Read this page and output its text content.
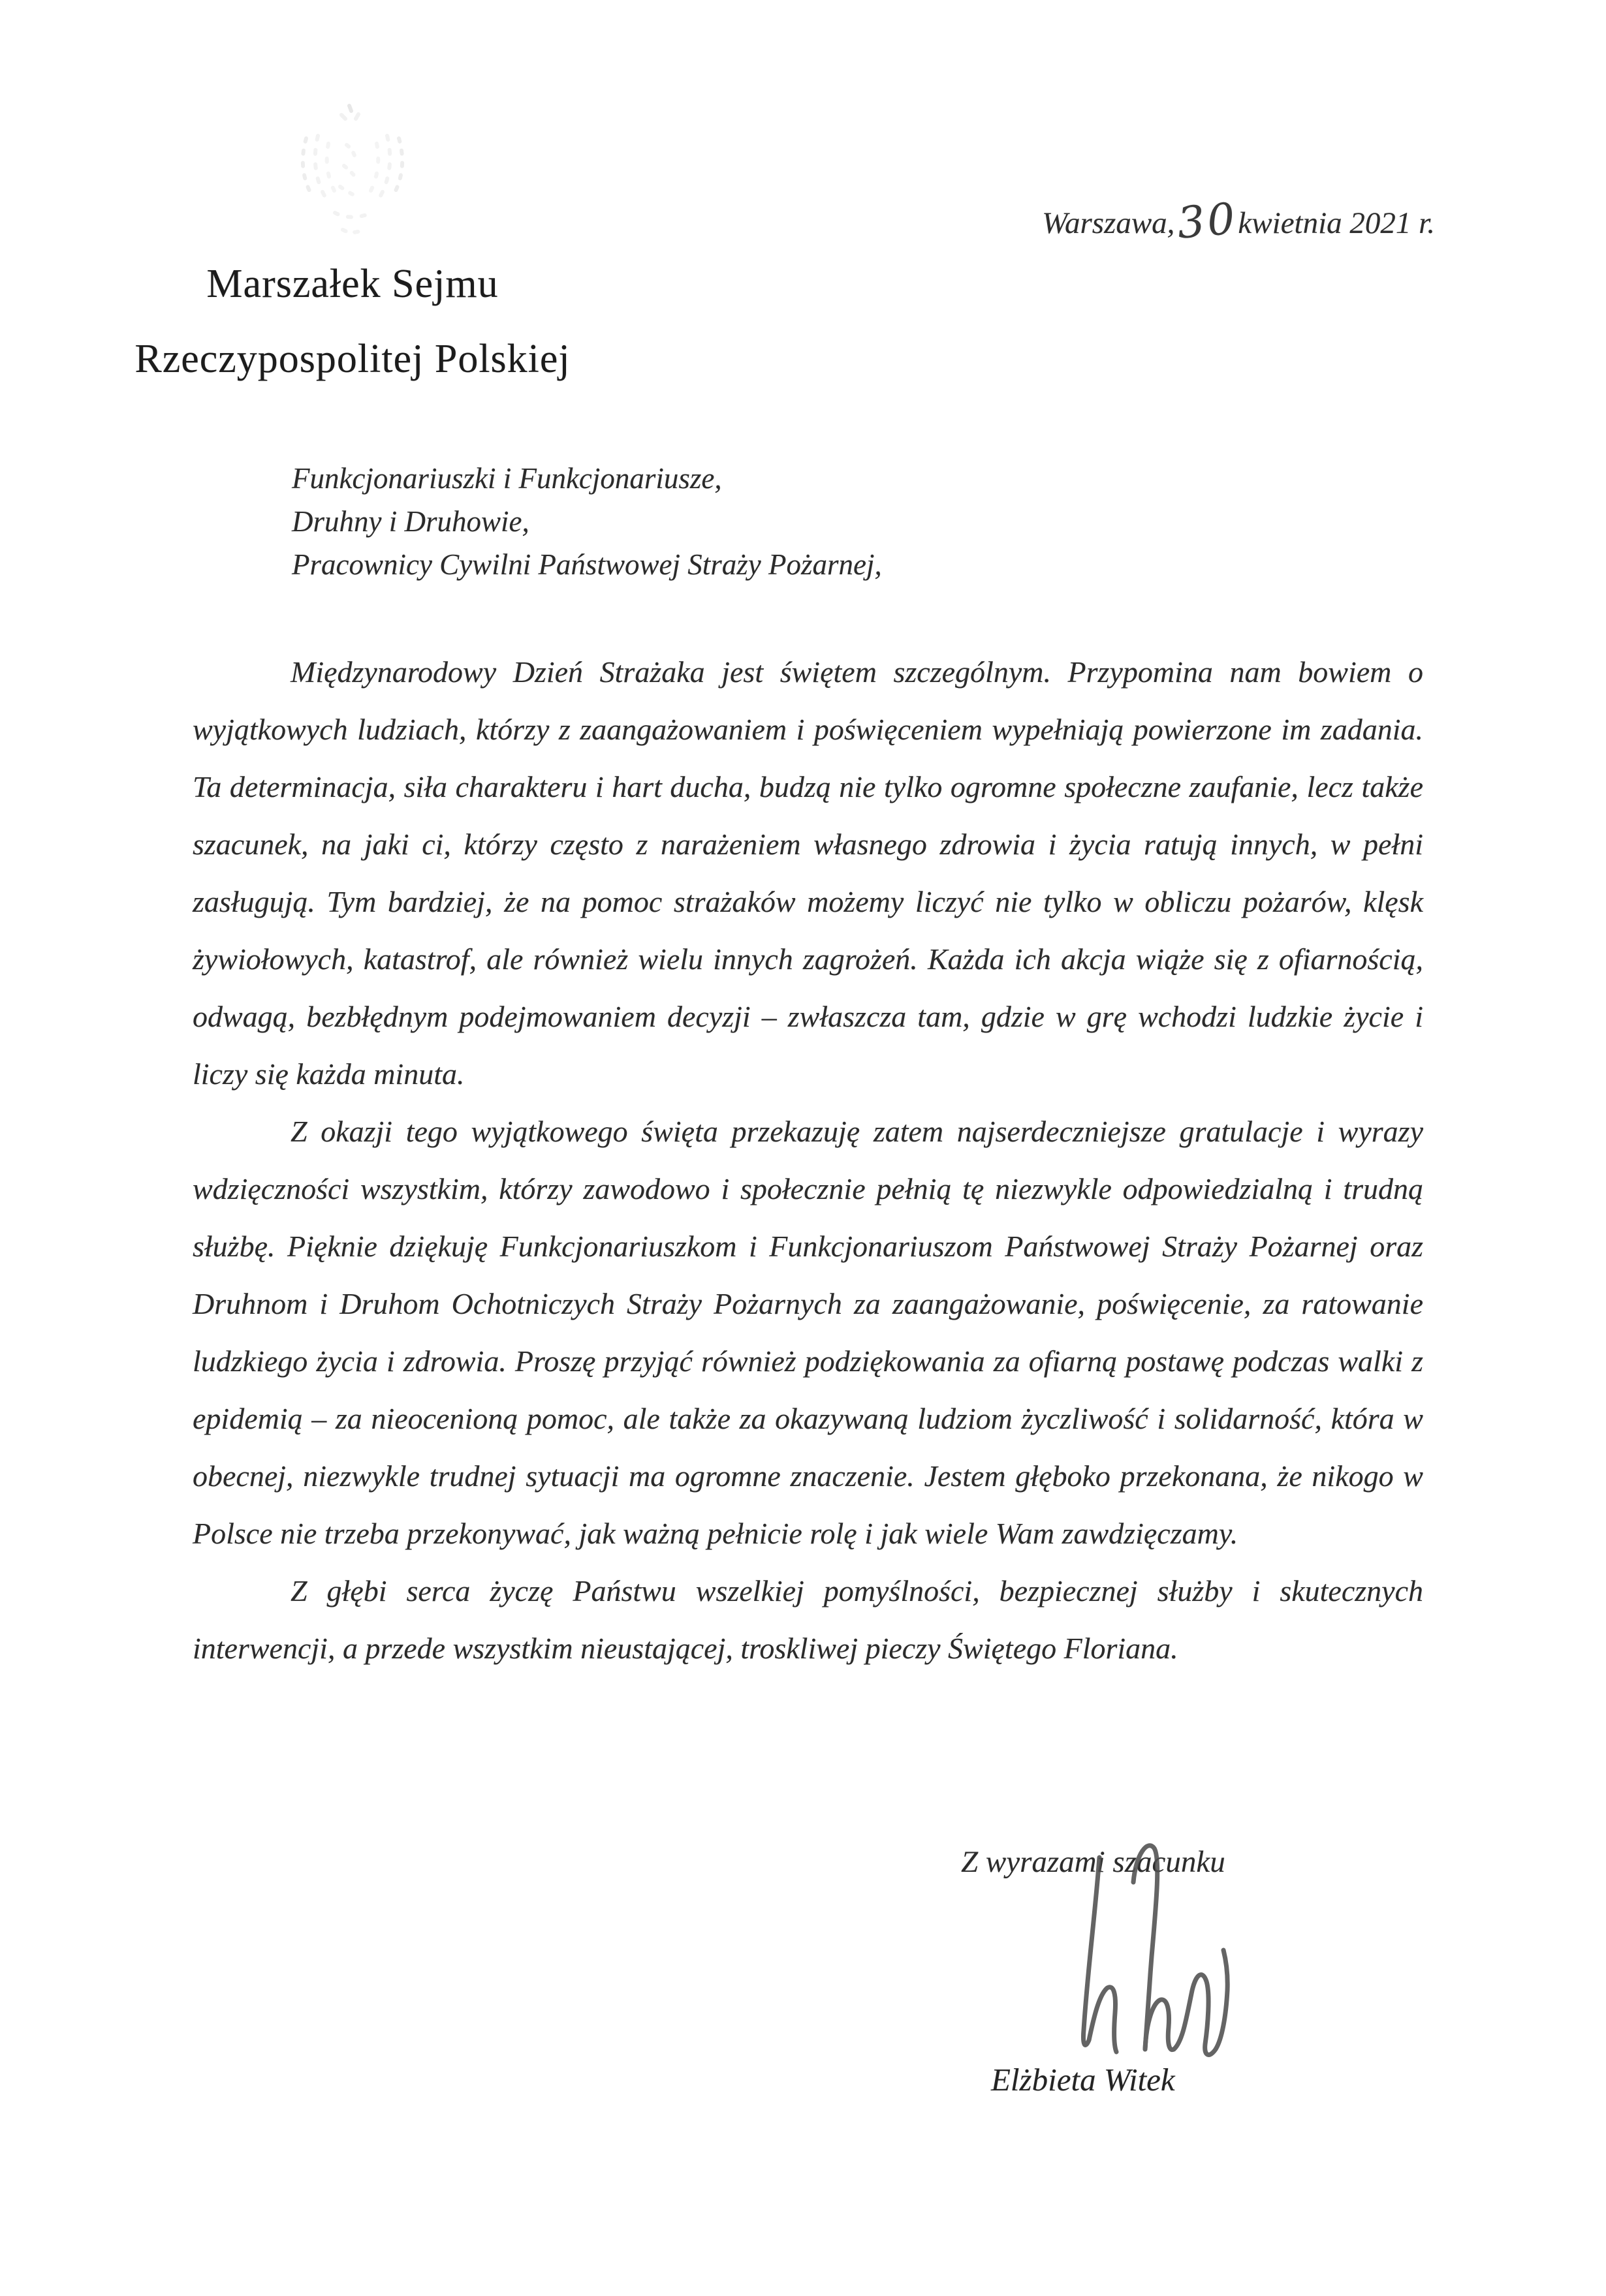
Marszałek Sejmu
Rzeczypospolitej Polskiej
Warszawa,30kwietnia 2021 r.
Funkcjonariuszki i Funkcjonariusze,
Druhny i Druhowie,
Pracownicy Cywilni Państwowej Straży Pożarnej,

Międzynarodowy Dzień Strażaka jest świętem szczególnym. Przypomina nam bowiem o wyjątkowych ludziach, którzy z zaangażowaniem i poświęceniem wypełniają powierzone im zadania. Ta determinacja, siła charakteru i hart ducha, budzą nie tylko ogromne społeczne zaufanie, lecz także szacunek, na jaki ci, którzy często z narażeniem własnego zdrowia i życia ratują innych, w pełni zasługują. Tym bardziej, że na pomoc strażaków możemy liczyć nie tylko w obliczu pożarów, klęsk żywiołowych, katastrof, ale również wielu innych zagrożeń. Każda ich akcja wiąże się z ofiarnością, odwagą, bezbłędnym podejmowaniem decyzji – zwłaszcza tam, gdzie w grę wchodzi ludzkie życie i liczy się każda minuta.

Z okazji tego wyjątkowego święta przekazuję zatem najserdeczniejsze gratulacje i wyrazy wdzięczności wszystkim, którzy zawodowo i społecznie pełnią tę niezwykle odpowiedzialną i trudną służbę. Pięknie dziękuję Funkcjonariuszkom i Funkcjonariuszom Państwowej Straży Pożarnej oraz Druhnom i Druhom Ochotniczych Straży Pożarnych za zaangażowanie, poświęcenie, za ratowanie ludzkiego życia i zdrowia. Proszę przyjąć również podziękowania za ofiarną postawę podczas walki z epidemią – za nieocenioną pomoc, ale także za okazywaną ludziom życzliwość i solidarność, która w obecnej, niezwykle trudnej sytuacji ma ogromne znaczenie. Jestem głęboko przekonana, że nikogo w Polsce nie trzeba przekonywać, jak ważną pełnicie rolę i jak wiele Wam zawdzięczamy.

Z głębi serca życzę Państwu wszelkiej pomyślności, bezpiecznej służby i skutecznych interwencji, a przede wszystkim nieustającej, troskliwej pieczy Świętego Floriana.

Z wyrazami szacunku
Elżbieta Witek
